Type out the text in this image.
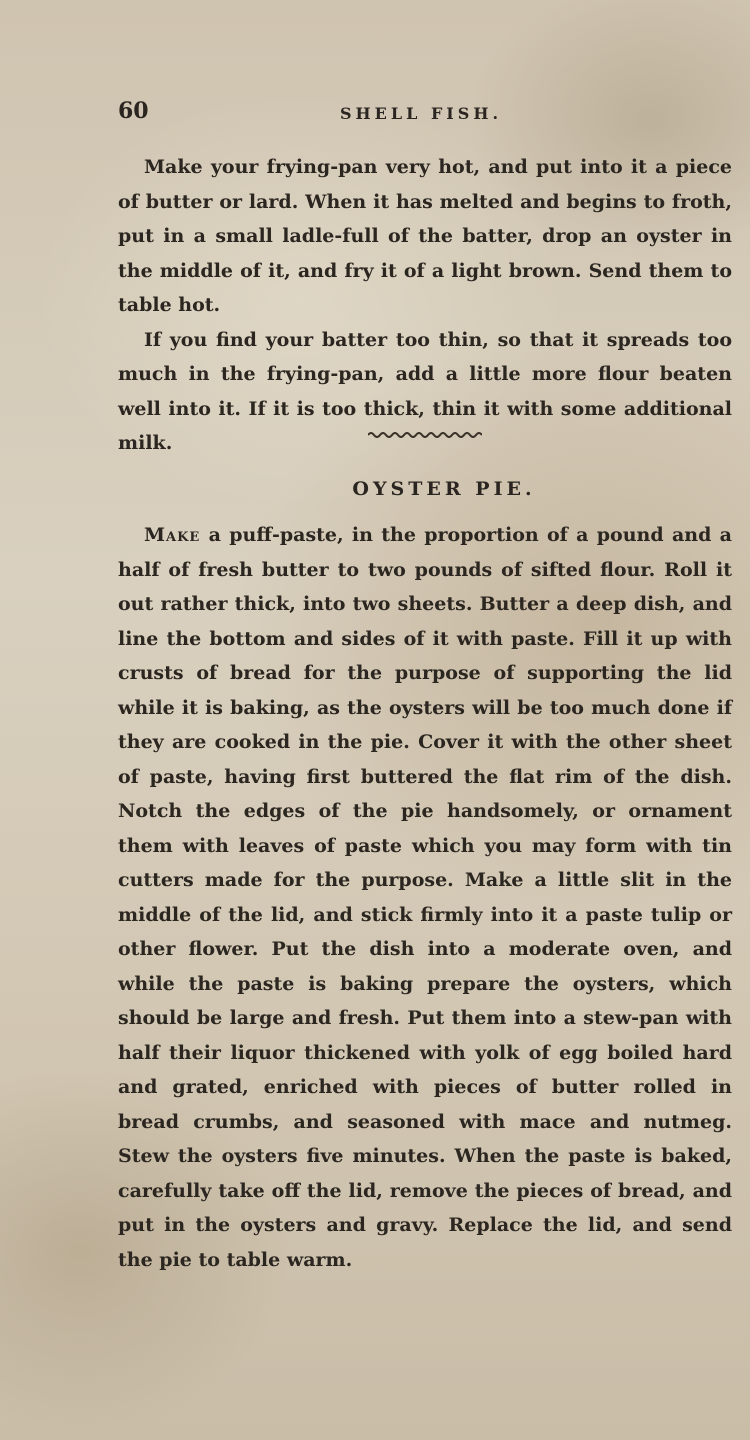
60	SHELL FISH.

Make your frying-pan very hot, and put into it a piece of butter or lard. When it has melted and begins to froth, put in a small ladle-full of the batter, drop an oyster in the middle of it, and fry it of a light brown. Send them to table hot.

If you find your batter too thin, so that it spreads too much in the frying-pan, add a little more flour beaten well into it. If it is too thick, thin it with some additional milk.

OYSTER PIE.

Make a puff-paste, in the proportion of a pound and a half of fresh butter to two pounds of sifted flour. Roll it out rather thick, into two sheets. Butter a deep dish, and line the bottom and sides of it with paste. Fill it up with crusts of bread for the purpose of supporting the lid while it is baking, as the oysters will be too much done if they are cooked in the pie. Cover it with the other sheet of paste, having first buttered the flat rim of the dish. Notch the edges of the pie handsomely, or ornament them with leaves of paste which you may form with tin cutters made for the purpose. Make a little slit in the middle of the lid, and stick firmly into it a paste tulip or other flower. Put the dish into a moderate oven, and while the paste is baking prepare the oysters, which should be large and fresh. Put them into a stew-pan with half their liquor thickened with yolk of egg boiled hard and grated, enriched with pieces of butter rolled in bread crumbs, and seasoned with mace and nutmeg. Stew the oysters five minutes. When the paste is baked, carefully take off the lid, remove the pieces of bread, and put in the oysters and gravy. Replace the lid, and send the pie to table warm.
